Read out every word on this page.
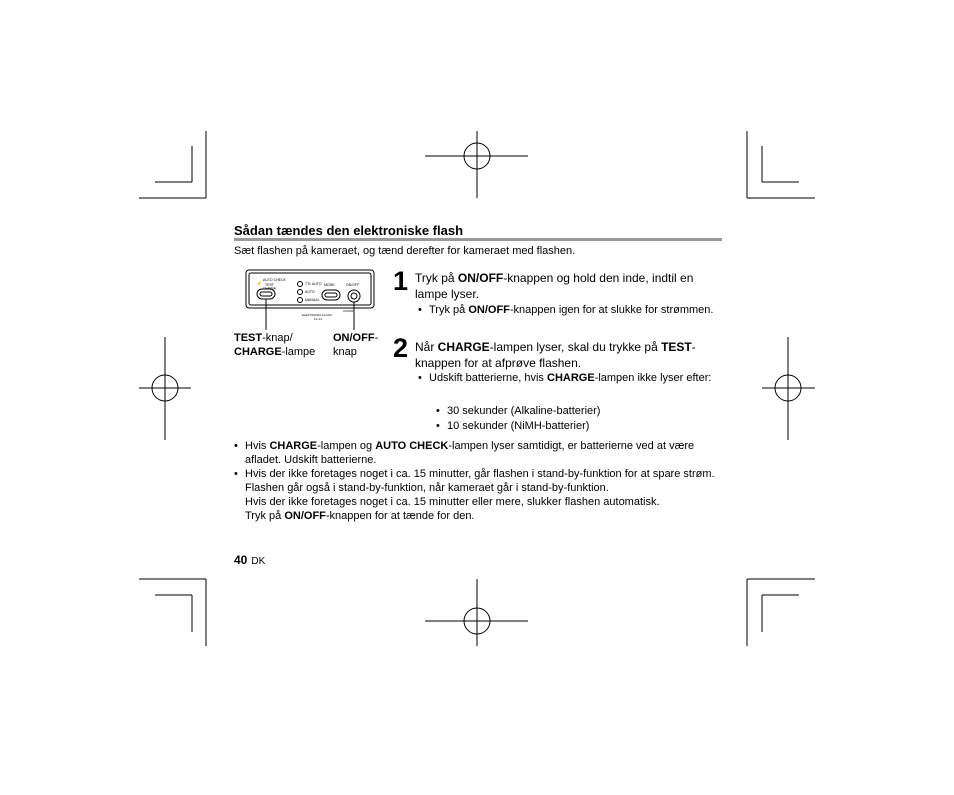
Sådan tændes den elektroniske flash
Sæt flashen på kameraet, og tænd derefter for kameraet med flashen.
⚡
AUTO CHECK
TEST
CHARGE
TTL AUTO
AUTO
MANUAL
MODE	ON/OFF
ELECTRONIC FLASH
FL-14
ON/OFF
TEST-knap/
CHARGE-lampe
ON/OFF-
knap
1 Tryk på ON/OFF-knappen og hold den inde, indtil en lampe lyser.
• Tryk på ON/OFF-knappen igen for at slukke for strømmen.
2 Når CHARGE-lampen lyser, skal du trykke på TEST-knappen for at afprøve flashen.
• Udskift batterierne, hvis CHARGE-lampen ikke lyser efter:
• 30 sekunder (Alkaline-batterier)
• 10 sekunder (NiMH-batterier)
• Hvis CHARGE-lampen og AUTO CHECK-lampen lyser samtidigt, er batterierne ved at være afladet. Udskift batterierne.
• Hvis der ikke foretages noget i ca. 15 minutter, går flashen i stand-by-funktion for at spare strøm. Flashen går også i stand-by-funktion, når kameraet går i stand-by-funktion.
Hvis der ikke foretages noget i ca. 15 minutter eller mere, slukker flashen automatisk.
Tryk på ON/OFF-knappen for at tænde for den.
40 DK
